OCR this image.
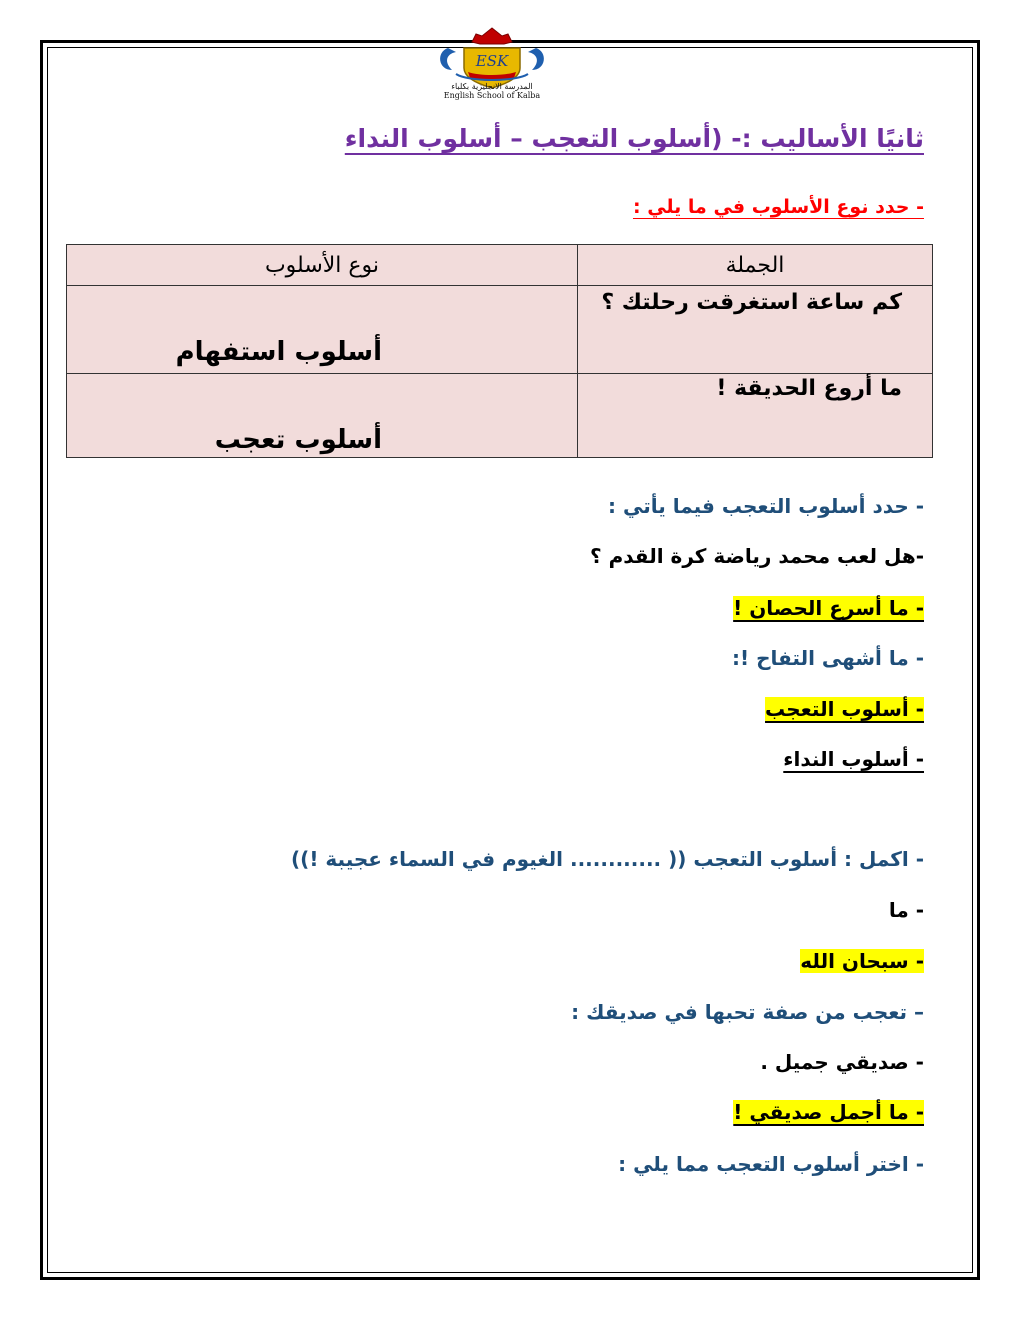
ESK
المدرسة الانجليزية بكلباء
English School of Kalba
ثانيًا الأساليب :- (أسلوب التعجب – أسلوب النداء
- حدد نوع الأسلوب في ما يلي :
الجملة	نوع الأسلوب
كم ساعة استغرقت رحلتك ؟	أسلوب استفهام
ما أروع الحديقة !	أسلوب تعجب
- حدد أسلوب التعجب فيما يأتي :
-هل لعب محمد رياضة كرة القدم ؟
- ما أسرع الحصان !
- ما أشهى التفاح !:
- أسلوب التعجب
- أسلوب النداء
- اكمل : أسلوب التعجب (( ............ الغيوم في السماء عجيبة !))
- ما
- سبحان الله
– تعجب من صفة تحبها في صديقك :
- صديقي جميل .
- ما أجمل صديقي !
- اختر أسلوب التعجب مما يلي :
